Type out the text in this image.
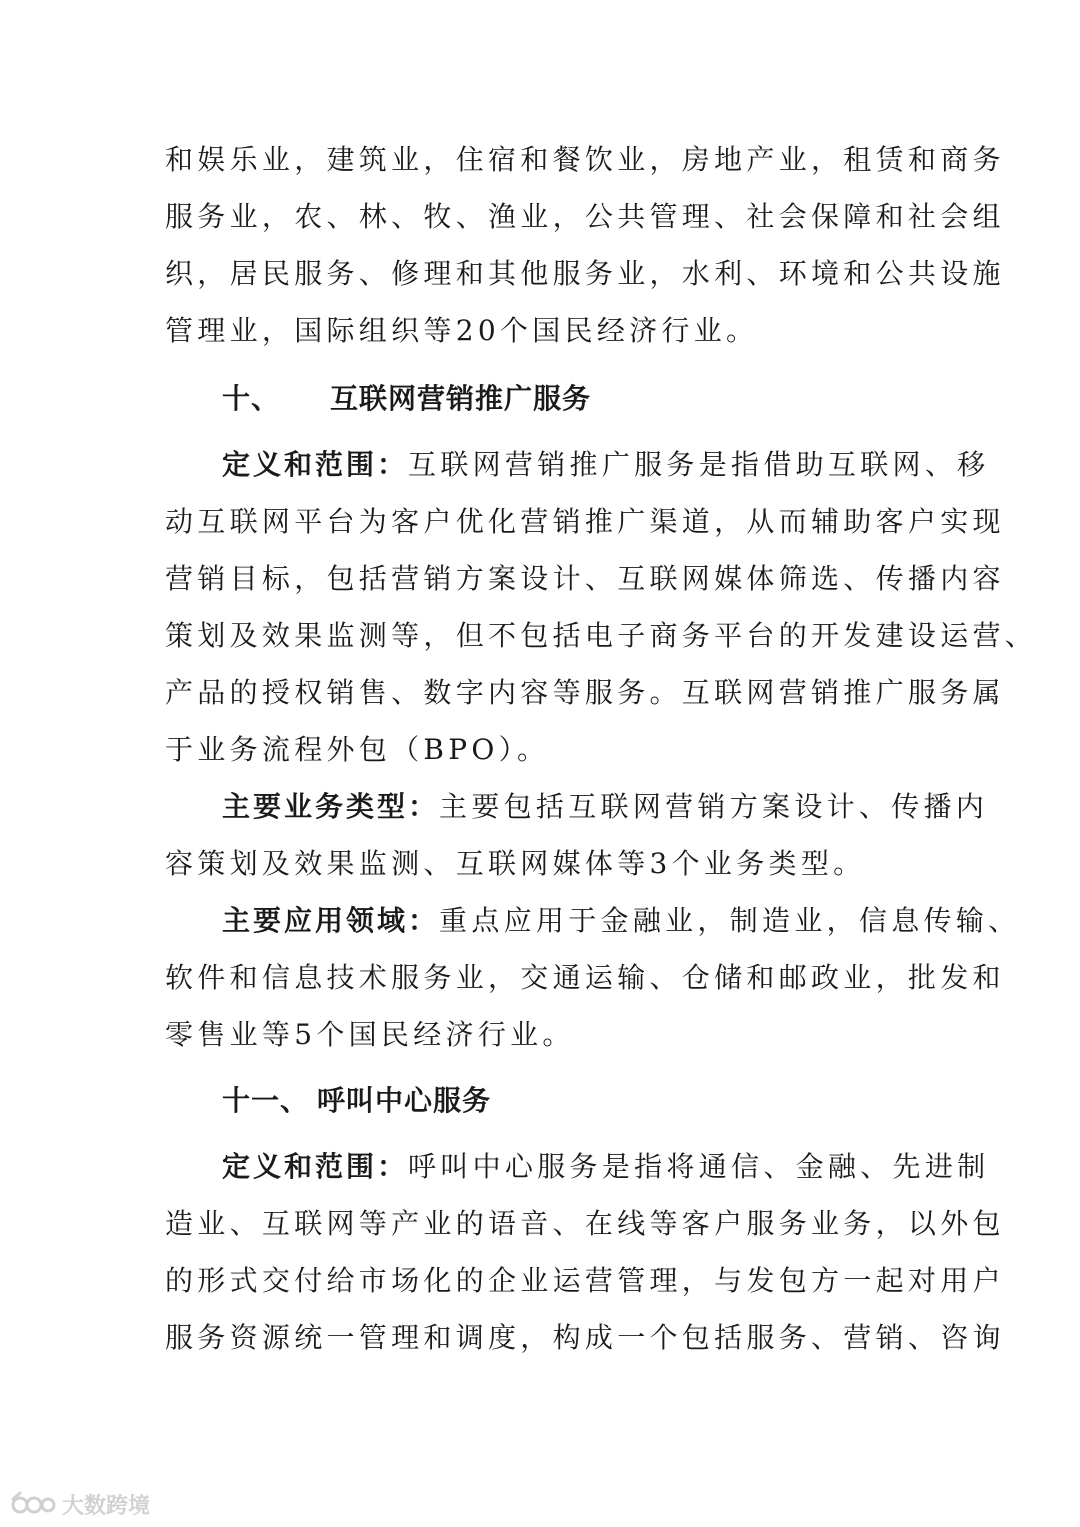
和娱乐业，建筑业，住宿和餐饮业，房地产业，租赁和商务
服务业，农、林、牧、渔业，公共管理、社会保障和社会组
织，居民服务、修理和其他服务业，水利、环境和公共设施
管理业，国际组织等20个国民经济行业。
十、 互联网营销推广服务
定义和范围：互联网营销推广服务是指借助互联网、移
动互联网平台为客户优化营销推广渠道，从而辅助客户实现
营销目标，包括营销方案设计、互联网媒体筛选、传播内容
策划及效果监测等，但不包括电子商务平台的开发建设运营、
产品的授权销售、数字内容等服务。互联网营销推广服务属
于业务流程外包（BPO）。
主要业务类型：主要包括互联网营销方案设计、传播内
容策划及效果监测、互联网媒体等3个业务类型。
主要应用领域：重点应用于金融业，制造业，信息传输、
软件和信息技术服务业，交通运输、仓储和邮政业，批发和
零售业等5个国民经济行业。
十一、 呼叫中心服务
定义和范围：呼叫中心服务是指将通信、金融、先进制
造业、互联网等产业的语音、在线等客户服务业务，以外包
的形式交付给市场化的企业运营管理，与发包方一起对用户
服务资源统一管理和调度，构成一个包括服务、营销、咨询
大数跨境
